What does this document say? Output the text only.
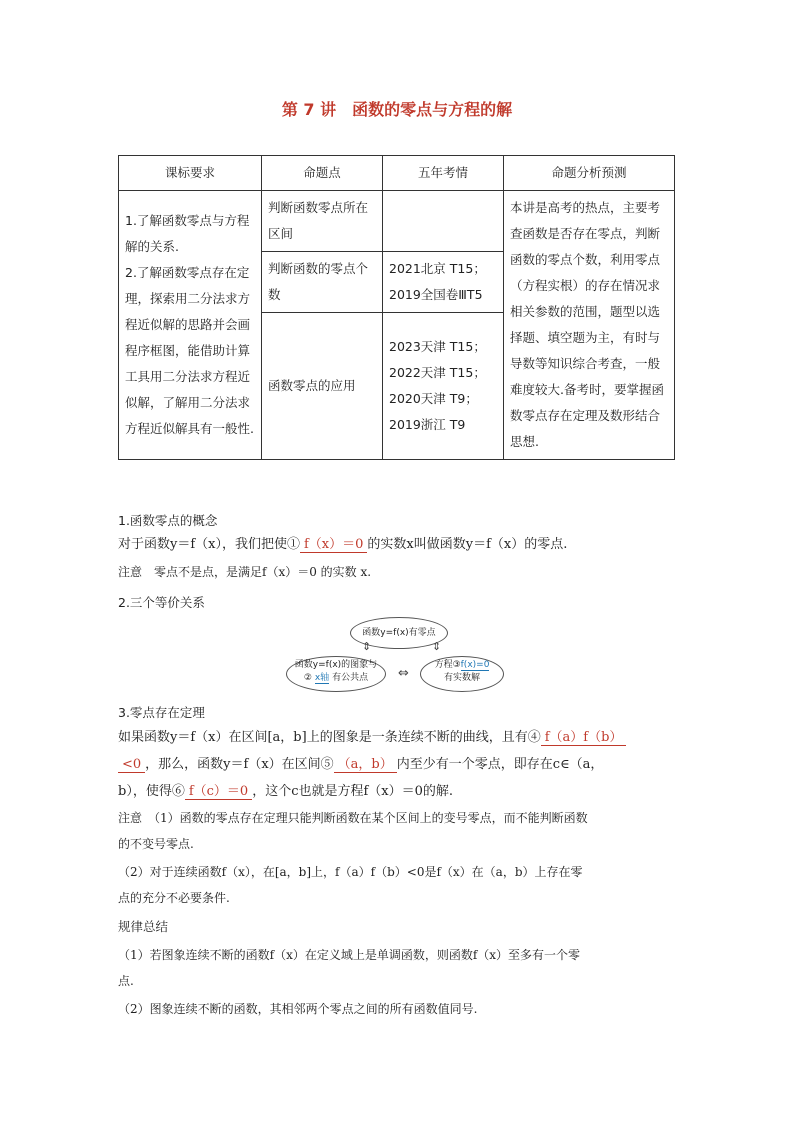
第 7 讲　函数的零点与方程的解
课标要求	命题点	五年考情	命题分析预测
1.了解函数零点与方程解的关系.
2.了解函数零点存在定理，探索用二分法求方程近似解的思路并会画程序框图，能借助计算工具用二分法求方程近似解，了解用二分法求方程近似解具有一般性.	判断函数零点所在区间		本讲是高考的热点，主要考查函数是否存在零点，判断函数的零点个数，利用零点（方程实根）的存在情况求相关参数的范围，题型以选择题、填空题为主，有时与导数等知识综合考查，一般难度较大.备考时，要掌握函数零点存在定理及数形结合思想.
	判断函数的零点个数	2021北京 T15；
2019全国卷ⅢT5	
	函数零点的应用	2023天津 T15；
2022天津 T15；
2020天津 T9；
2019浙江 T9	
1.函数零点的概念
对于函数y＝f（x），我们把使① f（x）＝0 的实数x叫做函数y＝f（x）的零点.
注意　零点不是点，是满足f（x）＝0 的实数 x.
2.三个等价关系
函数y=f(x)有零点
⇕	⇕
函数y=f(x)的图象与
② x轴 有公共点	⇔
方程③f(x)=0
有实数解
3.零点存在定理
如果函数y＝f（x）在区间[a，b]上的图象是一条连续不断的曲线，且有④ f（a）f（b）
<0 ，那么，函数y＝f（x）在区间⑤ （a，b） 内至少有一个零点，即存在c∈（a，
b），使得⑥ f（c）＝0 ，这个c也就是方程f（x）＝0的解.
注意　（1）函数的零点存在定理只能判断函数在某个区间上的变号零点，而不能判断函数
的不变号零点.
（2）对于连续函数f（x），在[a，b]上，f（a）f（b）<0是f（x）在（a，b）上存在零
点的充分不必要条件.
规律总结
（1）若图象连续不断的函数f（x）在定义域上是单调函数，则函数f（x）至多有一个零
点.
（2）图象连续不断的函数，其相邻两个零点之间的所有函数值同号.
